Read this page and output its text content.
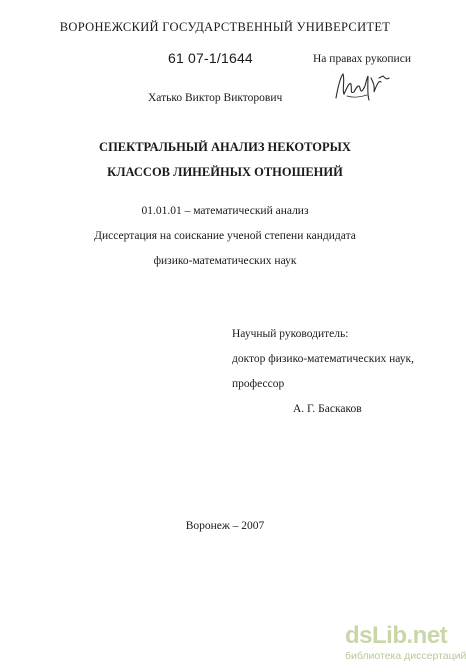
ВОРОНЕЖСКИЙ ГОСУДАРСТВЕННЫЙ УНИВЕРСИТЕТ
61 07-1/1644	На правах рукописи
Хатько Виктор Викторович
СПЕКТРАЛЬНЫЙ АНАЛИЗ НЕКОТОРЫХ
КЛАССОВ ЛИНЕЙНЫХ ОТНОШЕНИЙ
01.01.01 – математический анализ
Диссертация на соискание ученой степени кандидата
физико-математических наук
Научный руководитель:
доктор физико-математических наук,
профессор
А. Г. Баскаков
Воронеж – 2007
dsLib.net
библиотека диссертаций
